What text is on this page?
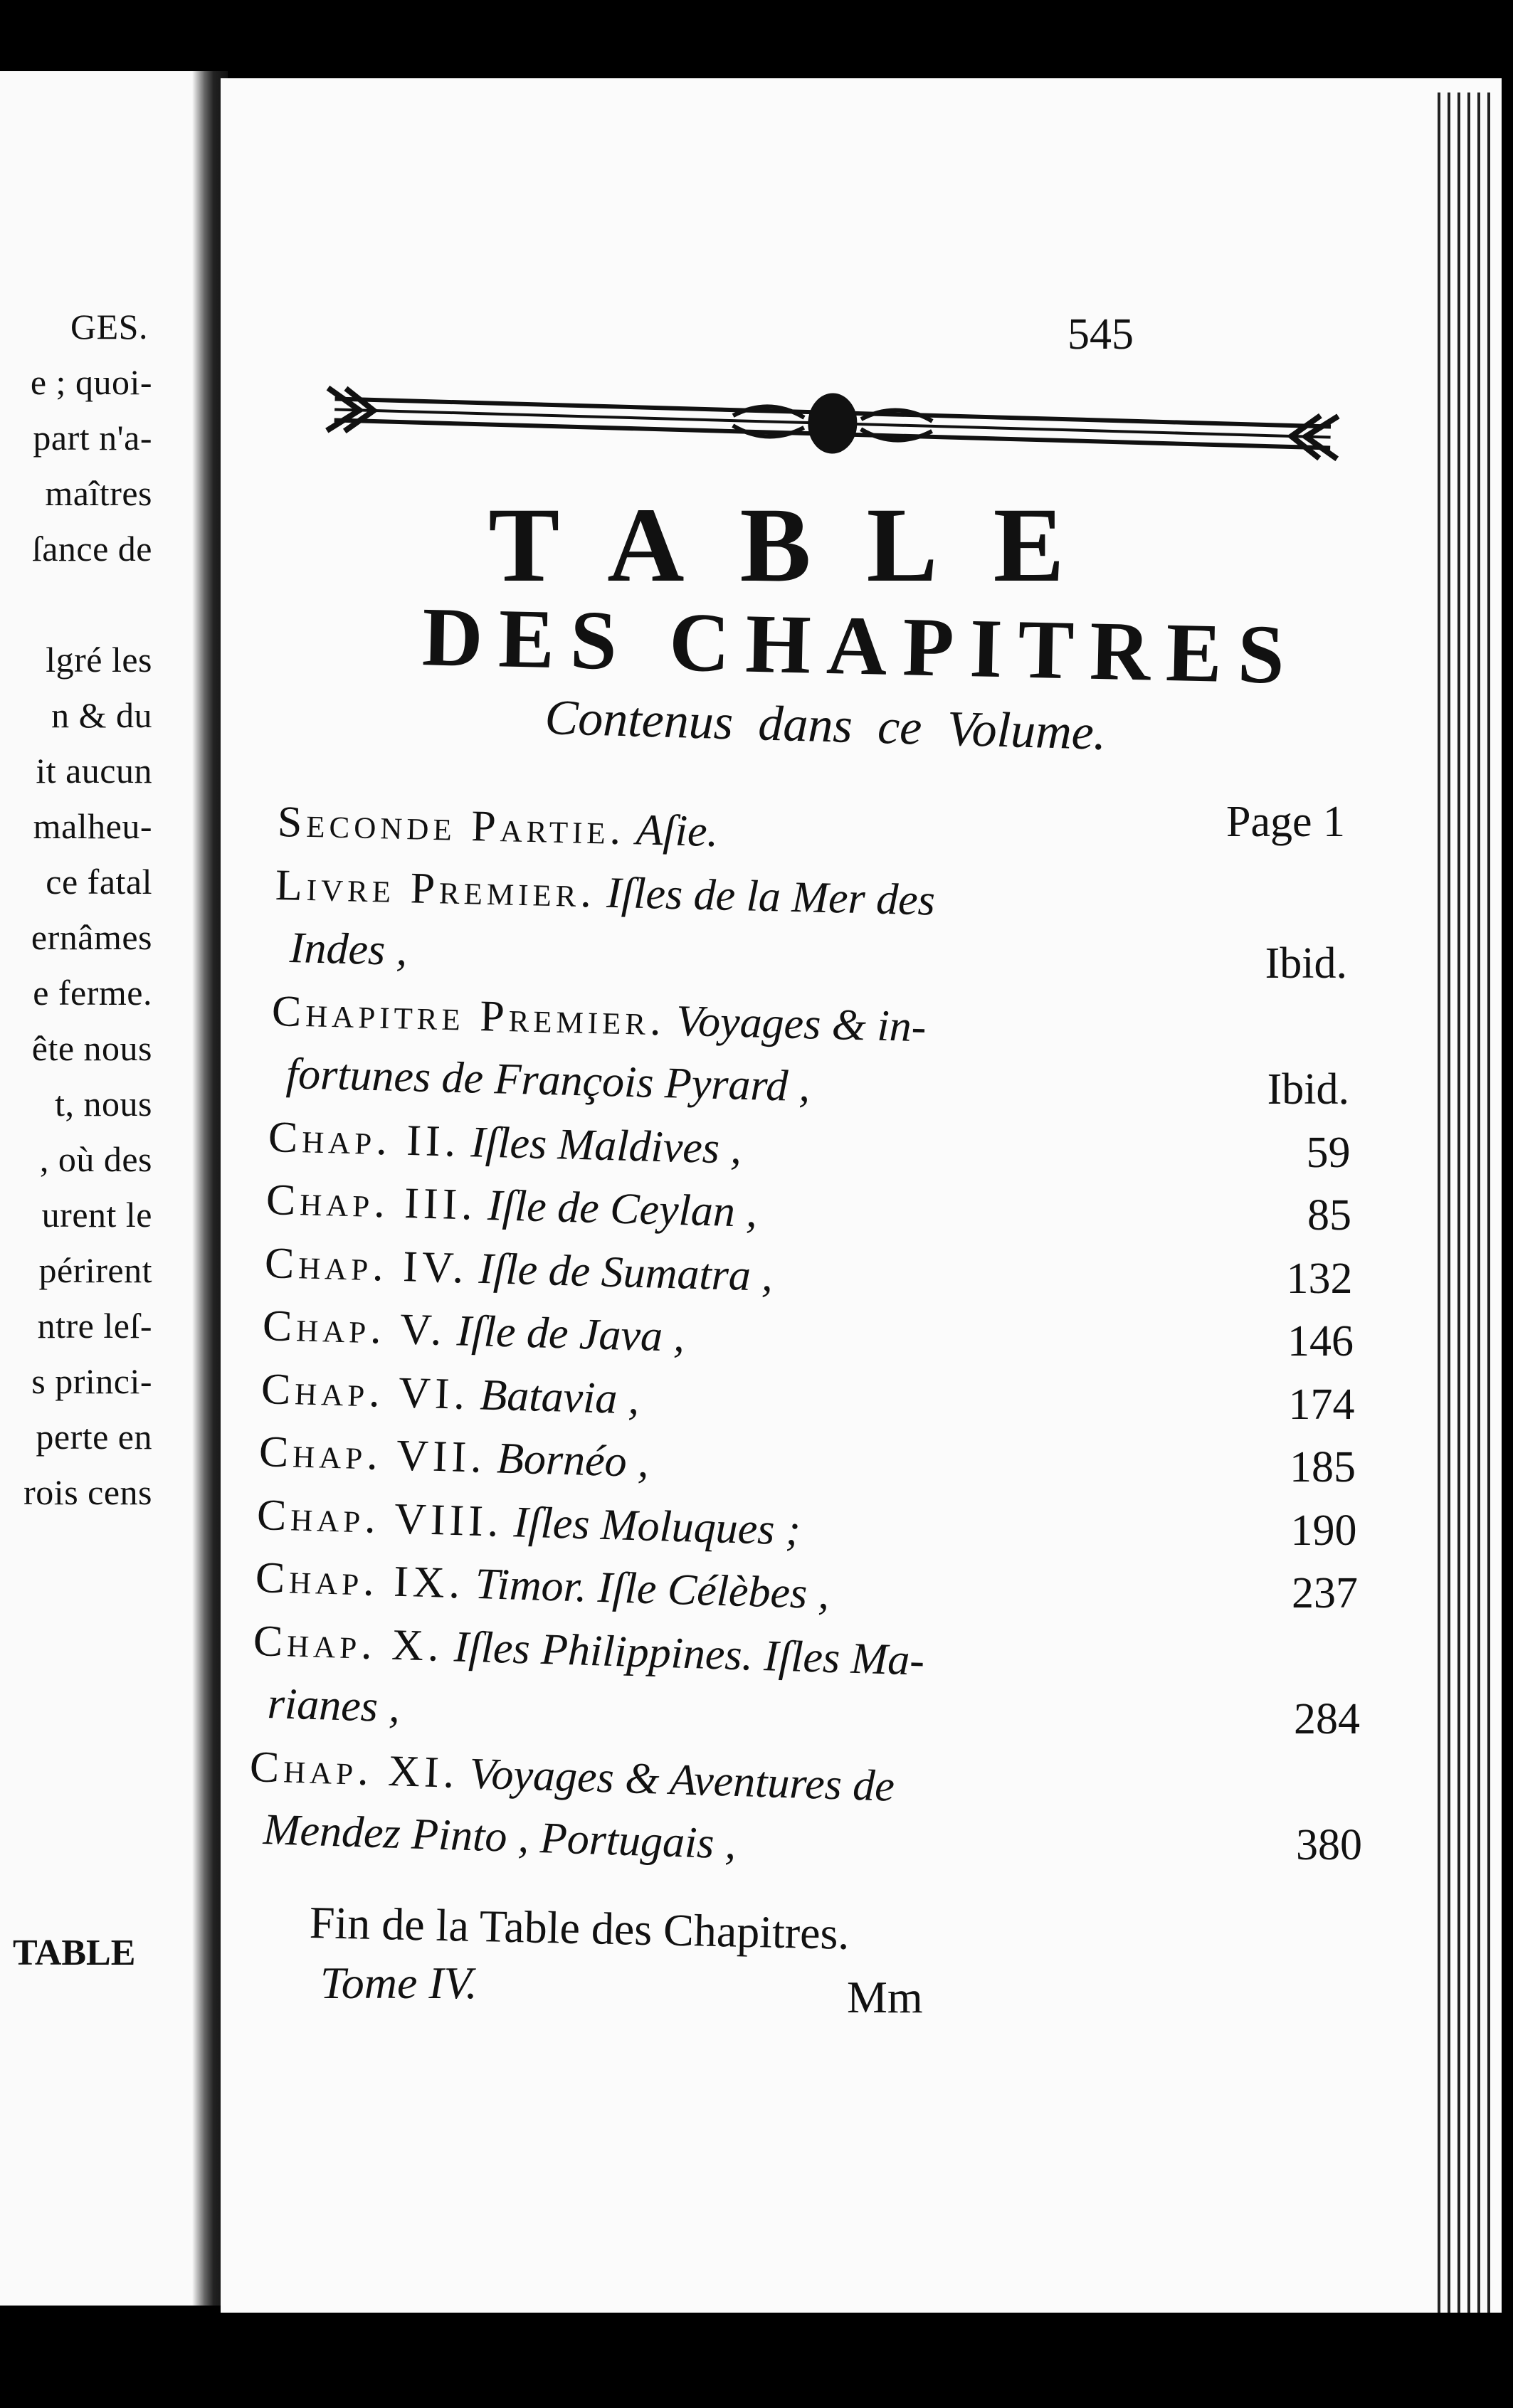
GES.
e ; quoi-
part n'a-
maîtres
ſance de
lgré les
n & du
it aucun
malheu-
ce fatal
ernâmes
e ferme.
ête nous
t, nous
, où des
urent le
périrent
ntre leſ-
s princi-
perte en
rois cens
TABLE
545
TABLE
DES CHAPITRES
Contenus dans ce Volume.
Seconde Partie. Aſie.	Page 1
Livre Premier. Iſles de la Mer des
Indes ,	Ibid.
Chapitre Premier. Voyages & in-
fortunes de François Pyrard ,	Ibid.
Chap. II. Iſles Maldives ,	59
Chap. III. Iſle de Ceylan ,	85
Chap. IV. Iſle de Sumatra ,	132
Chap. V. Iſle de Java ,	146
Chap. VI. Batavia ,	174
Chap. VII. Bornéo ,	185
Chap. VIII. Iſles Moluques ;	190
Chap. IX. Timor. Iſle Célèbes ,	237
Chap. X. Iſles Philippines. Iſles Ma-
rianes ,	284
Chap. XI. Voyages & Aventures de
Mendez Pinto , Portugais ,	380
Fin de la Table des Chapitres.
Tome IV.	Mm
